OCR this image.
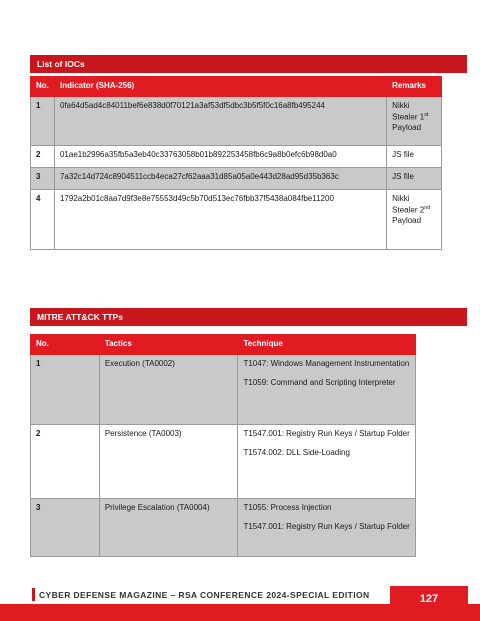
List of IOCs
No.	Indicator (SHA-256)	Remarks
1	0fa64d5ad4c84011bef6e838d0f70121a3af53df5dbc3b5f5f0c16a8fb495244	Nikki Stealer 1st Payload
2	01ae1b2996a35fb5a3eb40c33763058b01b892253458fb6c9a8b0efc6b98d0a0	JS file
3	7a32c14d724c8904511ccb4eca27cf62aaa31d85a05a0e443d28ad95d35b363c	JS file
4	1792a2b01c8aa7d9f3e8e75553d49c5b70d513ec76fbb37f5438a084fbe11200	Nikki Stealer 2nd Payload
MITRE ATT&CK TTPs
No.	Tactics	Technique
1	Execution (TA0002)	T1047: Windows Management Instrumentation

T1059: Command and Scripting Interpreter

2	Persistence (TA0003)	T1547.001: Registry Run Keys / Startup Folder

T1574.002: DLL Side-Loading

3	Privilege Escalation (TA0004)	T1055: Process Injection

T1547.001: Registry Run Keys / Startup Folder

CYBER DEFENSE MAGAZINE – RSA CONFERENCE 2024-SPECIAL EDITION	127
